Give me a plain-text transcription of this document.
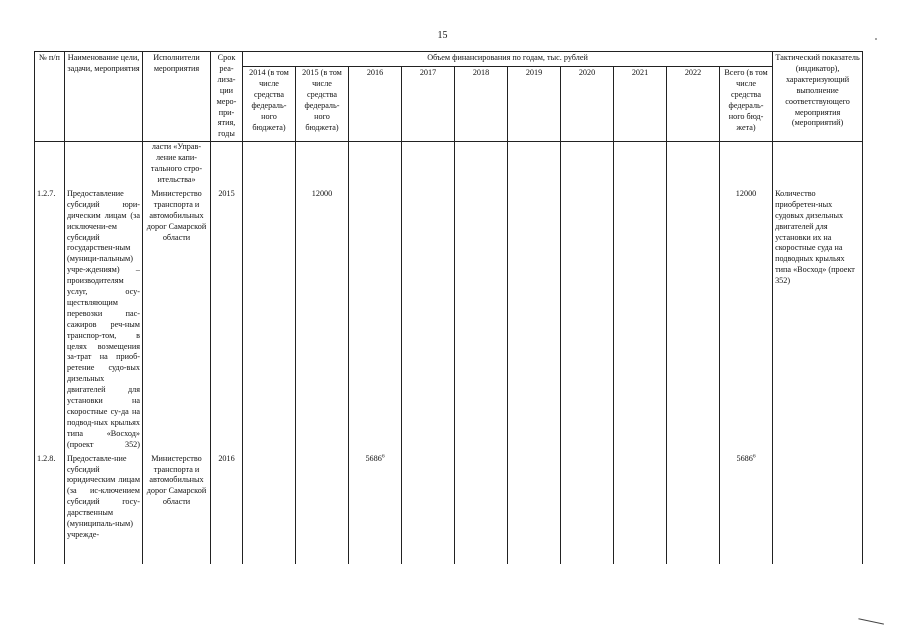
15
№ п/п	Наименование цели, задачи, мероприятия	Исполнители мероприятия	Срок реа-лиза-ции меро-при-ятия, годы	Объем финансирования по годам, тыс. рублей										Тактический показатель (индикатор), характеризующий выполнение соответствующего мероприятия (мероприятий)
				2014 (в том числе средства федераль-ного бюджета)	2015 (в том числе средства федераль-ного бюджета)	2016	2017	2018	2019	2020	2021	2022	Всего (в том числе средства федераль-ного бюд-жета)	
		ласти «Управ-ление капи-тального стро-ительства»												
1.2.7.	Предоставление субсидий юри-дическим лицам (за исключени-ем субсидий государствен-ным (муници-пальным) учре-ждениям) – производителям услуг, осу-ществляющим перевозки пас-сажиров реч-ным транспор-том, в целях возмещения за-трат на приоб-ретение судо-вых дизельных двигателей для установки на скоростные су-да на подвод-ных крыльях типа «Восход» (проект 352)	Министерство транспорта и автомобильных дорог Самарской области	2015		12000								12000	Количество приобретен-ных судовых дизельных двигателей для установки их на скоростные суда на подводных крыльях типа «Восход» (проект 352)
1.2.8.	Предоставле-ние субсидий юридическим лицам (за ис-ключением субсидий госу-дарственным (муниципаль-ным) учрежде-	Министерство транспорта и автомобильных дорог Самарской области	2016			5686$^6$							5686$^6$	
